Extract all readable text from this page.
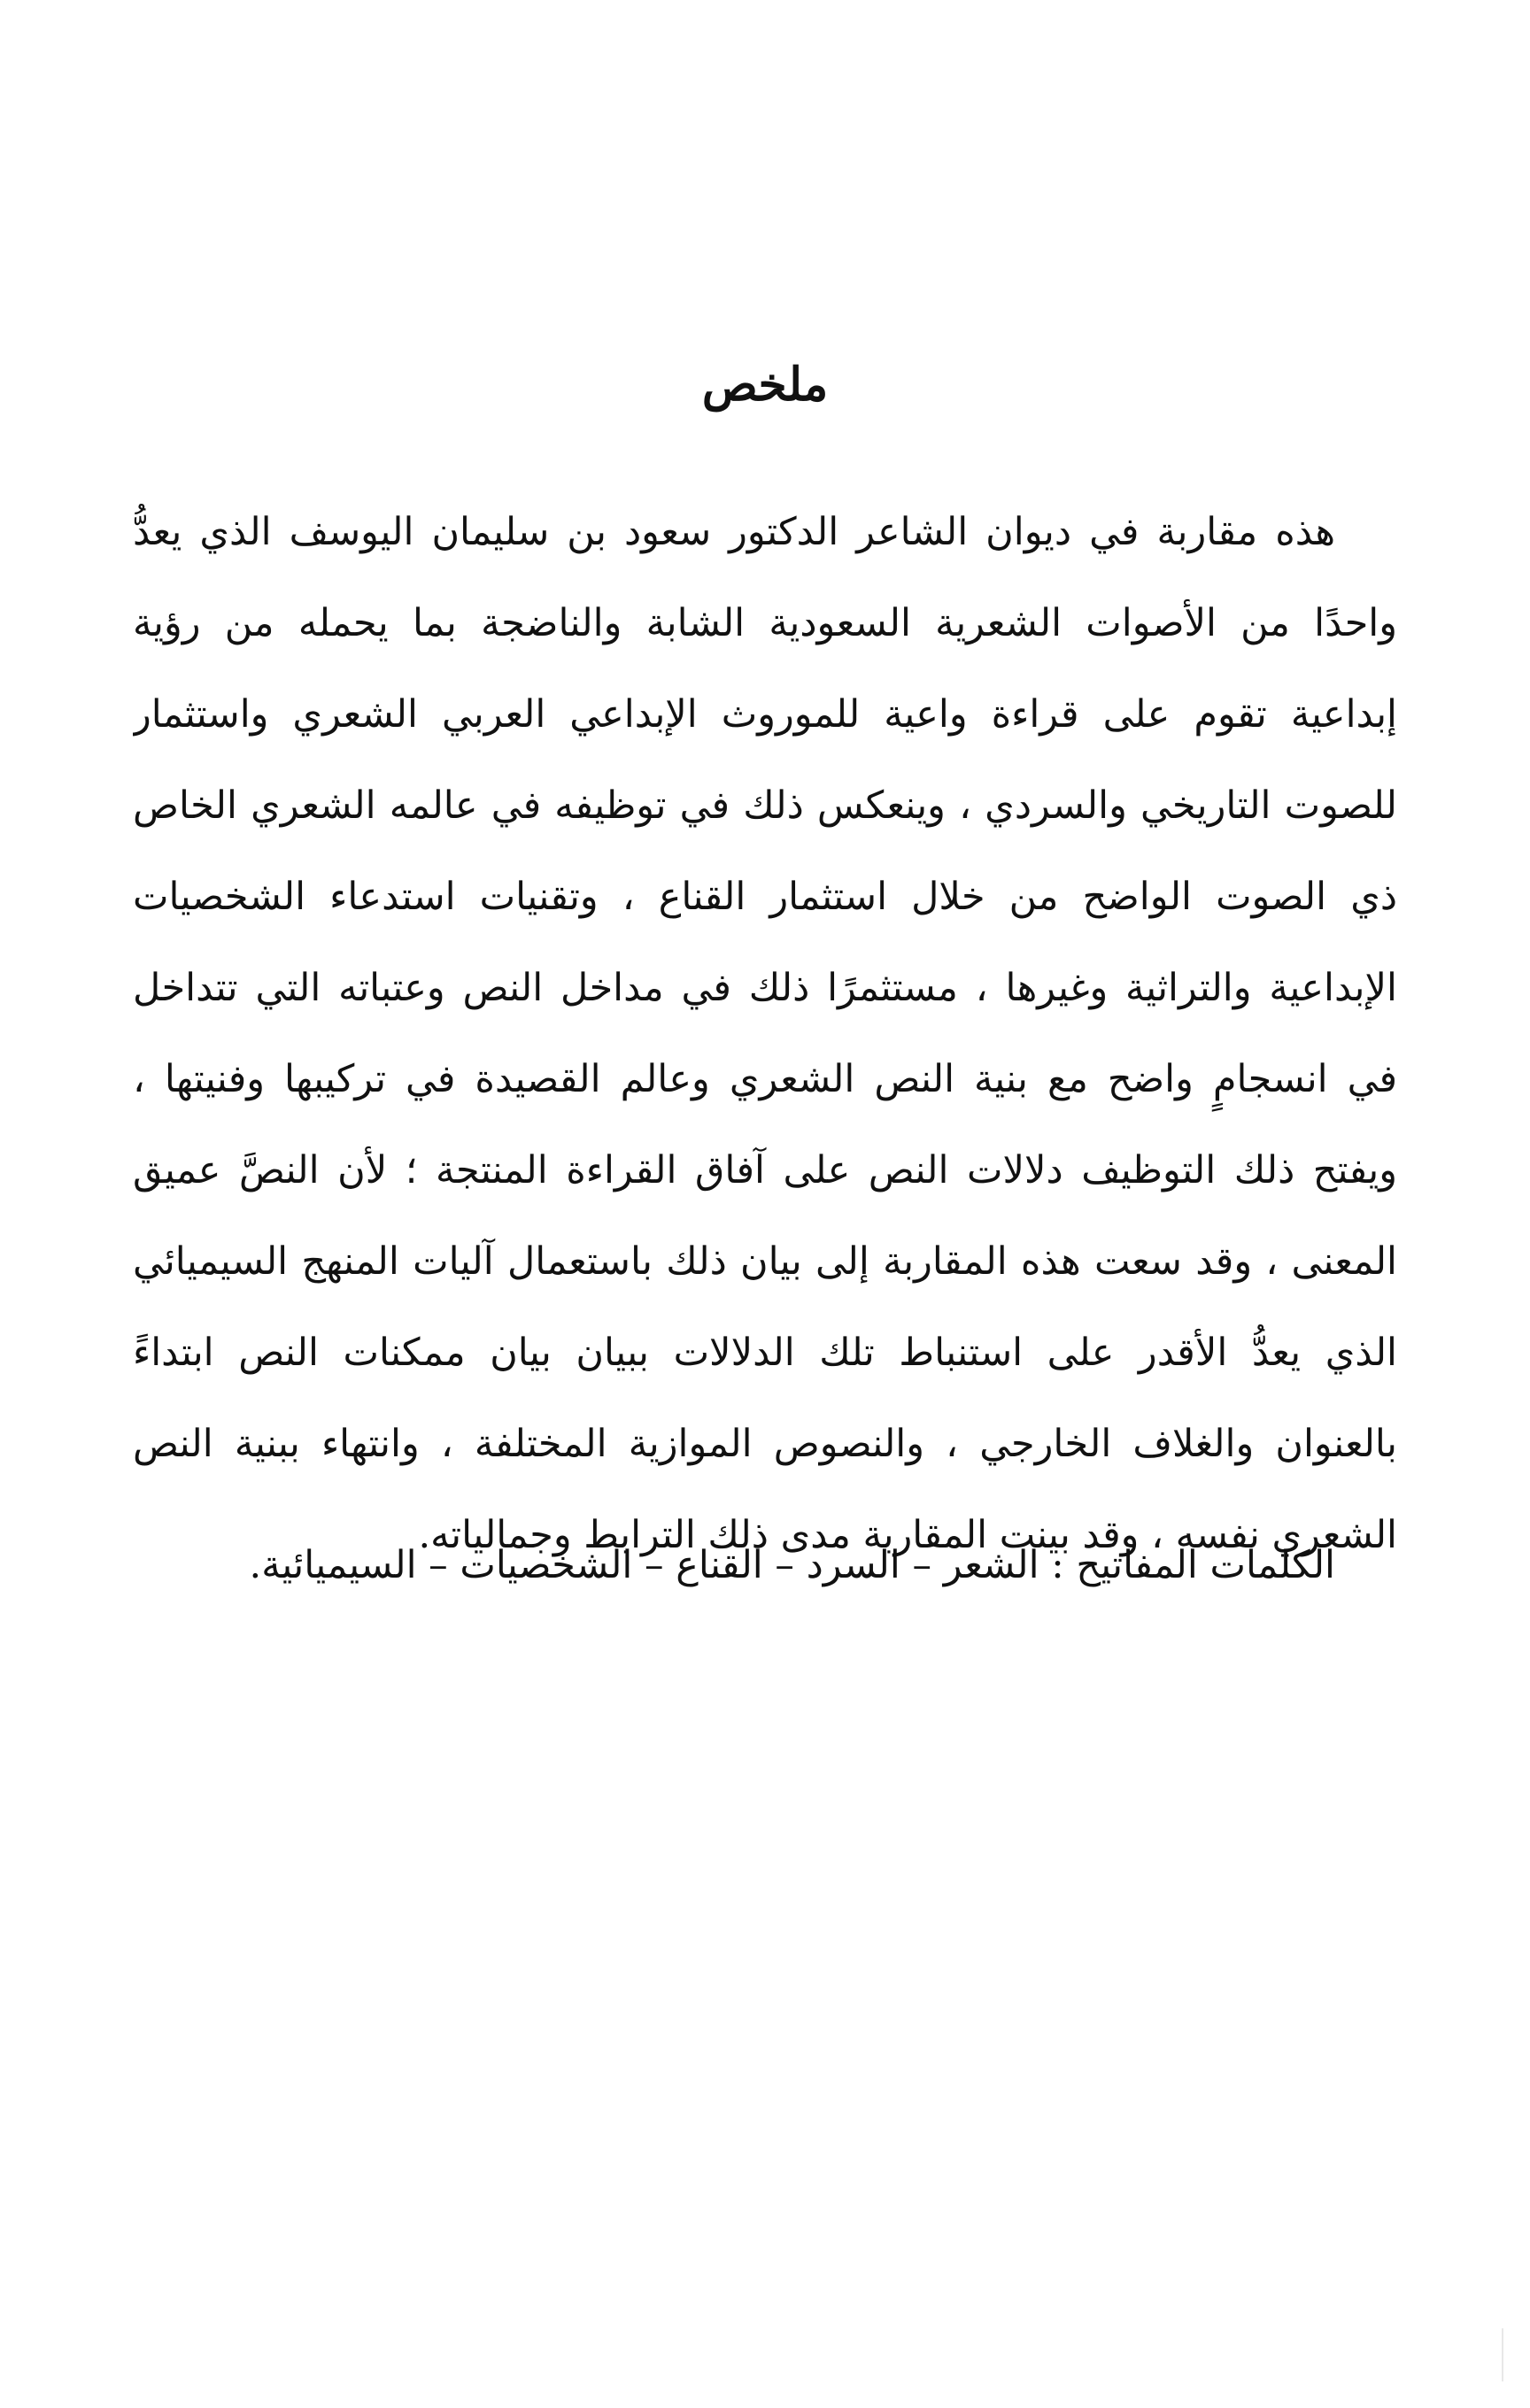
ملخص
هذه مقاربة في ديوان الشاعر الدكتور سعود بن سليمان اليوسف الذي يعدُّ
واحدًا من الأصوات الشعرية السعودية الشابة والناضجة بما يحمله من رؤية
إبداعية تقوم على قراءة واعية للموروث الإبداعي العربي الشعري واستثمار
للصوت التاريخي والسردي ، وينعكس ذلك في توظيفه في عالمه الشعري الخاص
ذي الصوت الواضح من خلال استثمار القناع ، وتقنيات استدعاء الشخصيات
الإبداعية والتراثية وغيرها ، مستثمرًا ذلك في مداخل النص وعتباته التي تتداخل
في انسجامٍ واضح مع بنية النص الشعري وعالم القصيدة في تركيبها وفنيتها ،
ويفتح ذلك التوظيف دلالات النص على آفاق القراءة المنتجة ؛ لأن النصَّ عميق
المعنى ، وقد سعت هذه المقاربة إلى بيان ذلك باستعمال آليات المنهج السيميائي
الذي يعدُّ الأقدر على استنباط تلك الدلالات ببيان بيان ممكنات النص ابتداءً
بالعنوان والغلاف الخارجي ، والنصوص الموازية المختلفة ، وانتهاء ببنية النص
الشعري نفسه ، وقد بينت المقاربة مدى ذلك الترابط وجمالياته.
الكلمات المفاتيح : الشعر – السرد – القناع – الشخصيات – السيميائية.
